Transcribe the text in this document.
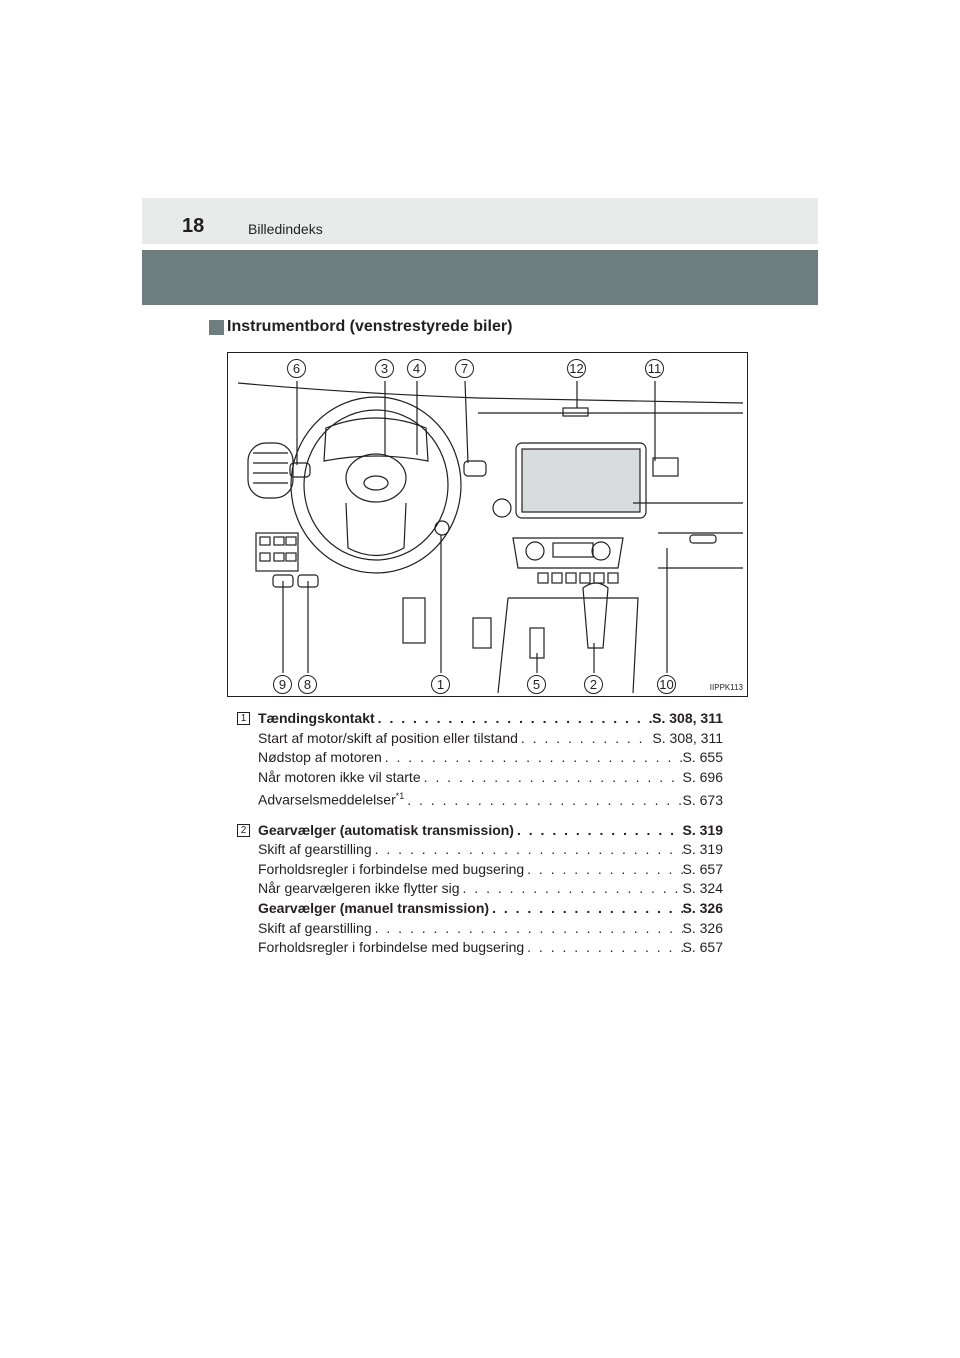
18	Billedindeks
Instrumentbord (venstrestyrede biler)
6	3	4	7	12	11
9	8	1	5	2	10	IIPPK113
1 Tændingskontakt . . .	S. 308, 311
Start af motor/skift af position eller tilstand . . .	S. 308, 311
Nødstop af motoren . . .	S. 655
Når motoren ikke vil starte . . .	S. 696
Advarselsmeddelelser$^{*1}$ . . .	S. 673
2 Gearvælger (automatisk transmission) . . .	S. 319
Skift af gearstilling . . .	S. 319
Forholdsregler i forbindelse med bugsering . . .	S. 657
Når gearvælgeren ikke flytter sig . . .	S. 324
Gearvælger (manuel transmission) . . .	S. 326
Skift af gearstilling . . .	S. 326
Forholdsregler i forbindelse med bugsering . . .	S. 657
